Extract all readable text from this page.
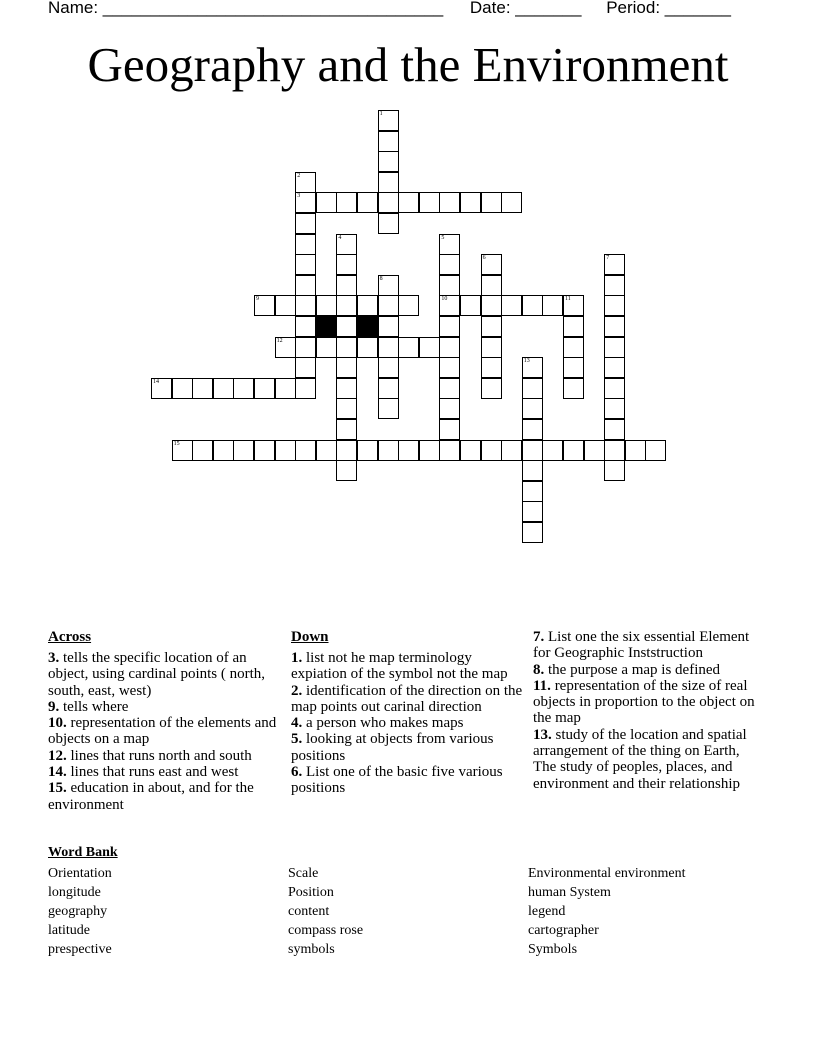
Name: ____________________________________ Date: _______ Period: _______
Geography and the Environment
1
2
3
4	5
10
6	7
8
9	11
12
13
14
15
Across

3. tells the specific location of an object, using cardinal points ( north, south, east, west)

9. tells where

10. representation of the elements and objects on a map

12. lines that runs north and south

14. lines that runs east and west

15. education in about, and for the environment

Down

1. list not he map terminology expiation of the symbol not the map

2. identification of the direction on the map points out carinal direction

4. a person who makes maps

5. looking at objects from various positions

6. List one of the basic five various positions

7. List one the six essential Element for Geographic Inststruction

8. the purpose a map is defined

11. representation of the size of real objects in proportion to the object on the map

13. study of the location and spatial arrangement of the thing on Earth, The study of peoples, places, and environment and their relationship

Word Bank
Orientation
longitude
geography
latitude
prespective
Scale
Position
content
compass rose
symbols
Environmental environment
human System
legend
cartographer
Symbols
